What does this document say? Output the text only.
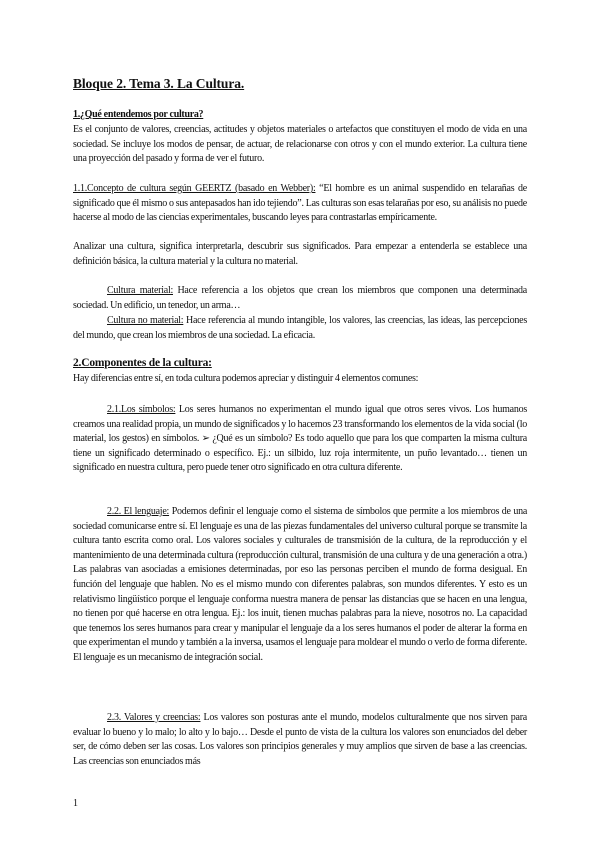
Bloque 2. Tema 3. La Cultura.
1.¿Qué entendemos por cultura?

Es el conjunto de valores, creencias, actitudes y objetos materiales o artefactos que constituyen el modo de vida en una sociedad. Se incluye los modos de pensar, de actuar, de relacionarse con otros y con el mundo exterior. La cultura tiene una proyección del pasado y forma de ver el futuro.

1.1.Concepto de cultura según GEERTZ (basado en Webber): “El hombre es un animal suspendido en telarañas de significado que él mismo o sus antepasados han ido tejiendo”. Las culturas son esas telarañas por eso, su análisis no puede hacerse al modo de las ciencias experimentales, buscando leyes para contrastarlas empíricamente.

Analizar una cultura, significa interpretarla, descubrir sus significados. Para empezar a entenderla se establece una definición básica, la cultura material y la cultura no material.

Cultura material: Hace referencia a los objetos que crean los miembros que componen una determinada sociedad. Un edificio, un tenedor, un arma…

Cultura no material: Hace referencia al mundo intangible, los valores, las creencias, las ideas, las percepciones del mundo, que crean los miembros de una sociedad. La eficacia.

2.Componentes de la cultura:

Hay diferencias entre sí, en toda cultura podemos apreciar y distinguir 4 elementos comunes:

2.1.Los símbolos: Los seres humanos no experimentan el mundo igual que otros seres vivos. Los humanos creamos una realidad propia, un mundo de significados y lo hacemos 23 transformando los elementos de la vida social (lo material, los gestos) en símbolos. ➢ ¿Qué es un símbolo? Es todo aquello que para los que comparten la misma cultura tiene un significado determinado o específico. Ej.: un silbido, luz roja intermitente, un puño levantado… tienen un significado en nuestra cultura, pero puede tener otro significado en otra cultura diferente.

2.2. El lenguaje: Podemos definir el lenguaje como el sistema de símbolos que permite a los miembros de una sociedad comunicarse entre sí. El lenguaje es una de las piezas fundamentales del universo cultural porque se transmite la cultura tanto escrita como oral. Los valores sociales y culturales de transmisión de la cultura, de la reproducción y el mantenimiento de una determinada cultura (reproducción cultural, transmisión de una cultura y de una generación a otra.) Las palabras van asociadas a emisiones determinadas, por eso las personas perciben el mundo de forma desigual. En función del lenguaje que hablen. No es el mismo mundo con diferentes palabras, son mundos diferentes. Y esto es un relativismo lingüístico porque el lenguaje conforma nuestra manera de pensar las distancias que se hacen en una lengua, no tienen por qué hacerse en otra lengua. Ej.: los inuit, tienen muchas palabras para la nieve, nosotros no. La capacidad que tenemos los seres humanos para crear y manipular el lenguaje da a los seres humanos el poder de alterar la forma en que experimentan el mundo y también a la inversa, usamos el lenguaje para moldear el mundo o verlo de forma diferente. El lenguaje es un mecanismo de integración social.

2.3. Valores y creencias: Los valores son posturas ante el mundo, modelos culturalmente que nos sirven para evaluar lo bueno y lo malo; lo alto y lo bajo… Desde el punto de vista de la cultura los valores son enunciados del deber ser, de cómo deben ser las cosas. Los valores son principios generales y muy amplios que sirven de base a las creencias. Las creencias son enunciados más

1
